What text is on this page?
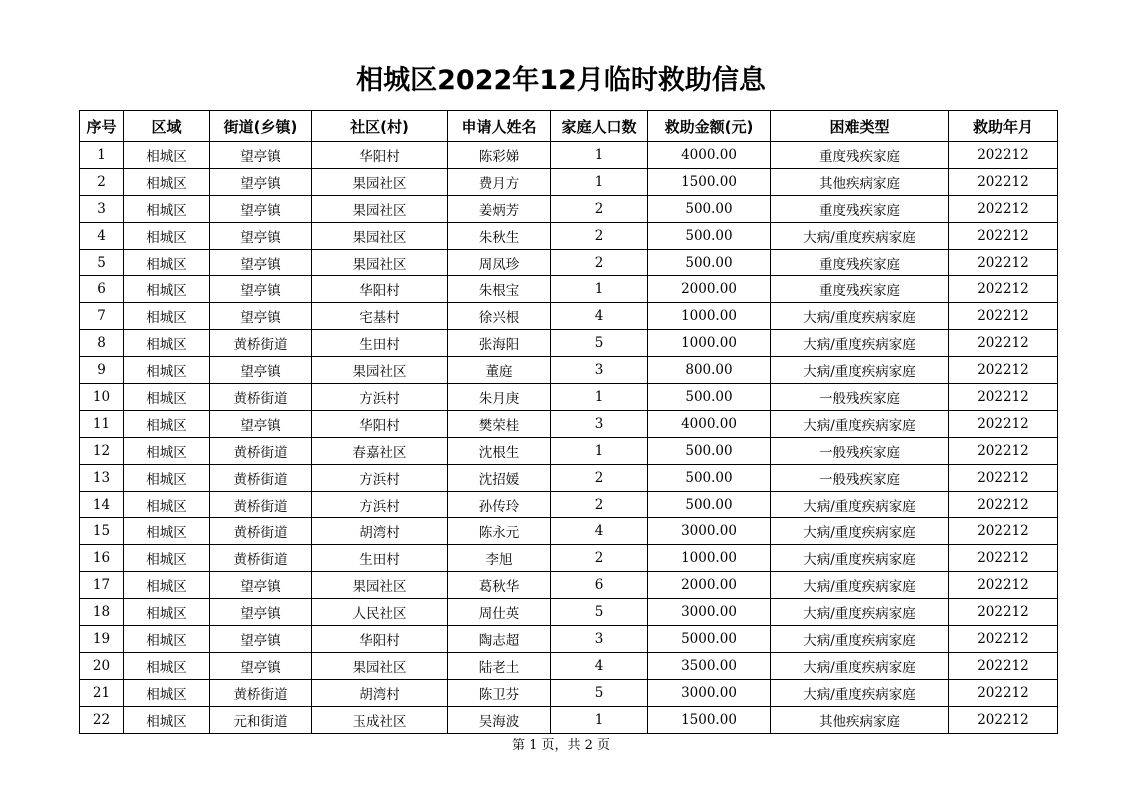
相城区2022年12月临时救助信息
序号	区域	街道(乡镇)	社区(村)	申请人姓名	家庭人口数	救助金额(元)	困难类型	救助年月
1	相城区	望亭镇	华阳村	陈彩娣	1	4000.00	重度残疾家庭	202212
2	相城区	望亭镇	果园社区	费月方	1	1500.00	其他疾病家庭	202212
3	相城区	望亭镇	果园社区	姜炳芳	2	500.00	重度残疾家庭	202212
4	相城区	望亭镇	果园社区	朱秋生	2	500.00	大病/重度疾病家庭	202212
5	相城区	望亭镇	果园社区	周凤珍	2	500.00	重度残疾家庭	202212
6	相城区	望亭镇	华阳村	朱根宝	1	2000.00	重度残疾家庭	202212
7	相城区	望亭镇	宅基村	徐兴根	4	1000.00	大病/重度疾病家庭	202212
8	相城区	黄桥街道	生田村	张海阳	5	1000.00	大病/重度疾病家庭	202212
9	相城区	望亭镇	果园社区	董庭	3	800.00	大病/重度疾病家庭	202212
10	相城区	黄桥街道	方浜村	朱月庚	1	500.00	一般残疾家庭	202212
11	相城区	望亭镇	华阳村	樊荣桂	3	4000.00	大病/重度疾病家庭	202212
12	相城区	黄桥街道	春嘉社区	沈根生	1	500.00	一般残疾家庭	202212
13	相城区	黄桥街道	方浜村	沈招媛	2	500.00	一般残疾家庭	202212
14	相城区	黄桥街道	方浜村	孙传玲	2	500.00	大病/重度疾病家庭	202212
15	相城区	黄桥街道	胡湾村	陈永元	4	3000.00	大病/重度疾病家庭	202212
16	相城区	黄桥街道	生田村	李旭	2	1000.00	大病/重度疾病家庭	202212
17	相城区	望亭镇	果园社区	葛秋华	6	2000.00	大病/重度疾病家庭	202212
18	相城区	望亭镇	人民社区	周仕英	5	3000.00	大病/重度疾病家庭	202212
19	相城区	望亭镇	华阳村	陶志超	3	5000.00	大病/重度疾病家庭	202212
20	相城区	望亭镇	果园社区	陆老土	4	3500.00	大病/重度疾病家庭	202212
21	相城区	黄桥街道	胡湾村	陈卫芬	5	3000.00	大病/重度疾病家庭	202212
22	相城区	元和街道	玉成社区	吴海波	1	1500.00	其他疾病家庭	202212
第 1 页，共 2 页
